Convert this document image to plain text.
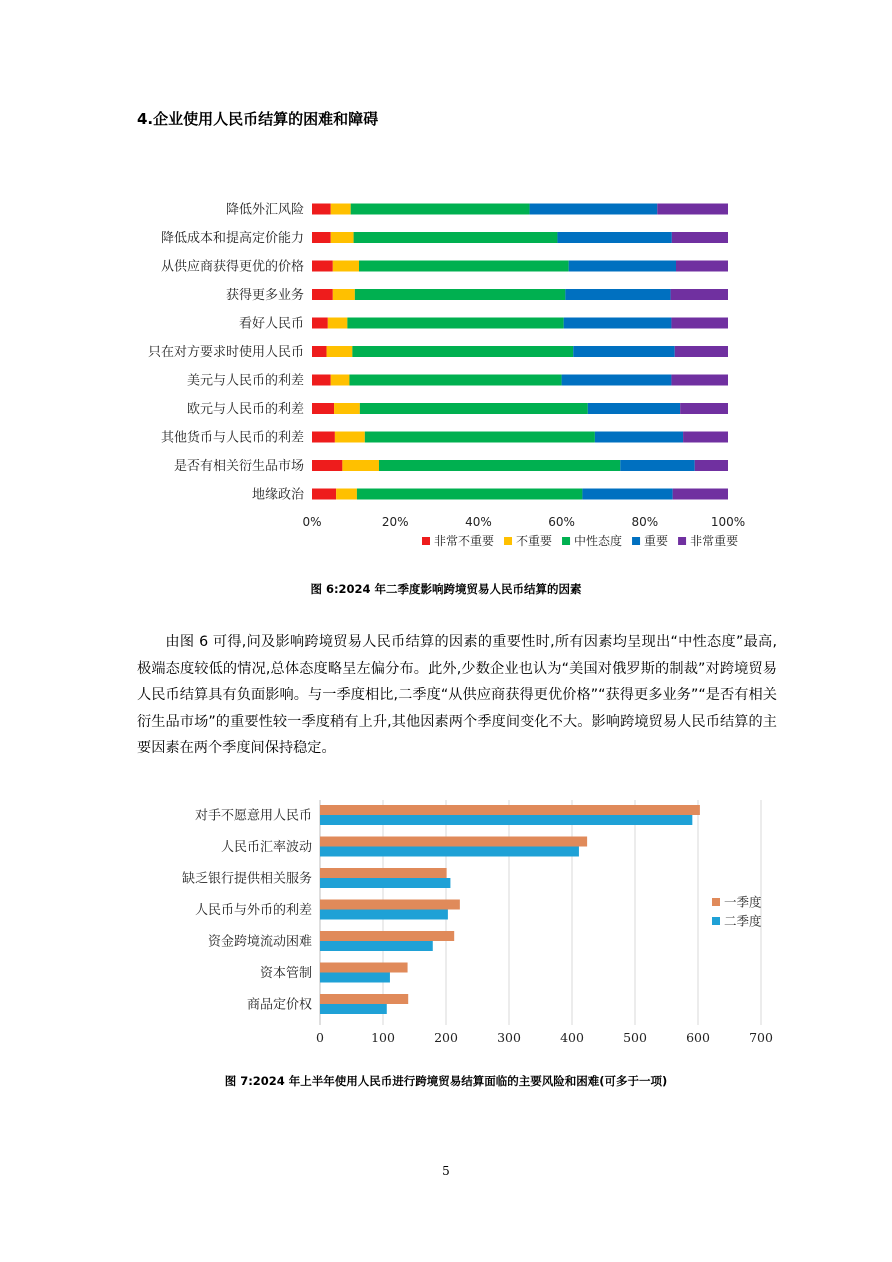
4.企业使用人民币结算的困难和障碍
降低外汇风险
降低成本和提高定价能力
从供应商获得更优的价格
获得更多业务
看好人民币
只在对方要求时使用人民币
美元与人民币的利差
欧元与人民币的利差
其他货币与人民币的利差
是否有相关衍生品市场
地缘政治
0%	20%	40%	60%	80%	100%
非常不重要 不重要 中性态度 重要 非常重要
图 6:2024 年二季度影响跨境贸易人民币结算的因素

由图 6 可得,问及影响跨境贸易人民币结算的因素的重要性时,所有因素均呈现出“中性态度”最高,极端态度较低的情况,总体态度略呈左偏分布。此外,少数企业也认为“美国对俄罗斯的制裁”对跨境贸易人民币结算具有负面影响。与一季度相比,二季度“从供应商获得更优价格”“获得更多业务”“是否有相关衍生品市场”的重要性较一季度稍有上升,其他因素两个季度间变化不大。影响跨境贸易人民币结算的主要因素在两个季度间保持稳定。

0	100	200	300	400	500	600	700
对手不愿意用人民币
人民币汇率波动
缺乏银行提供相关服务
人民币与外币的利差
资金跨境流动困难
资本管制
商品定价权
一季度
二季度
图 7:2024 年上半年使用人民币进行跨境贸易结算面临的主要风险和困难(可多于一项)
5
